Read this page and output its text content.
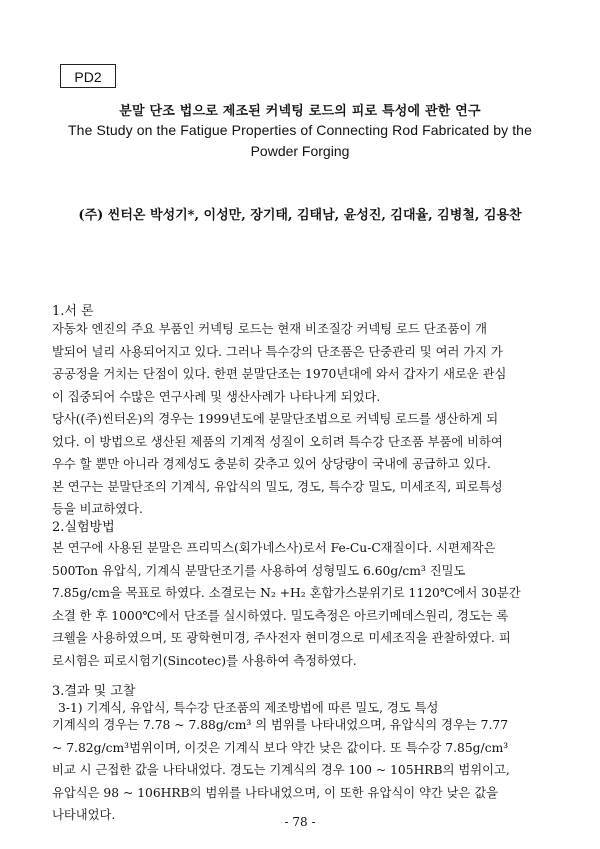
PD2
분말 단조 법으로 제조된 커넥팅 로드의 피로 특성에 관한 연구
The Study on the Fatigue Properties of Connecting Rod Fabricated by the
Powder Forging
(주) 씬터온 박성기*, 이성만, 장기태, 김태남, 윤성진, 김대율, 김병철, 김용찬
1.서 론
자동차 엔진의 주요 부품인 커넥팅 로드는 현재 비조질강 커넥팅 로드 단조품이 개
발되어 널리 사용되어지고 있다. 그러나 특수강의 단조품은 단중관리 및 여러 가지 가
공공정을 거치는 단점이 있다. 한편 분말단조는 1970년대에 와서 갑자기 새로운 관심
이 집중되어 수많은 연구사례 및 생산사례가 나타나게 되었다.
당사((주)씬터온)의 경우는 1999년도에 분말단조법으로 커넥팅 로드를 생산하게 되
었다. 이 방법으로 생산된 제품의 기계적 성질이 오히려 특수강 단조품 부품에 비하여
우수 할 뿐만 아니라 경제성도 충분히 갖추고 있어 상당량이 국내에 공급하고 있다.
본 연구는 분말단조의 기계식, 유압식의 밀도, 경도, 특수강 밀도, 미세조직, 피로특성
등을 비교하였다.
2.실험방법
본 연구에 사용된 분말은 프리믹스(회가네스사)로서 Fe-Cu-C재질이다. 시편제작은
500Ton 유압식, 기계식 분말단조기를 사용하여 성형밀도 6.60g/cm³ 진밀도
7.85g/cm을 목표로 하였다. 소결로는 N₂ +H₂ 혼합가스분위기로 1120℃에서 30분간
소결 한 후 1000℃에서 단조를 실시하였다. 밀도측정은 아르키메데스원리, 경도는 록
크웰을 사용하였으며, 또 광학현미경, 주사전자 현미경으로 미세조직을 관찰하였다. 피
로시험은 피로시험기(Sincotec)를 사용하여 측정하였다.
3.결과 및 고찰
3-1) 기계식, 유압식, 특수강 단조품의 제조방법에 따른 밀도, 경도 특성
기계식의 경우는 7.78 ~ 7.88g/cm³ 의 범위를 나타내었으며, 유압식의 경우는 7.77
~ 7.82g/cm³범위이며, 이것은 기계식 보다 약간 낮은 값이다. 또 특수강 7.85g/cm³
비교 시 근접한 값을 나타내었다. 경도는 기계식의 경우 100 ~ 105HRB의 범위이고,
유압식은 98 ~ 106HRB의 범위를 나타내었으며, 이 또한 유압식이 약간 낮은 값을
나타내었다.	- 78 -
